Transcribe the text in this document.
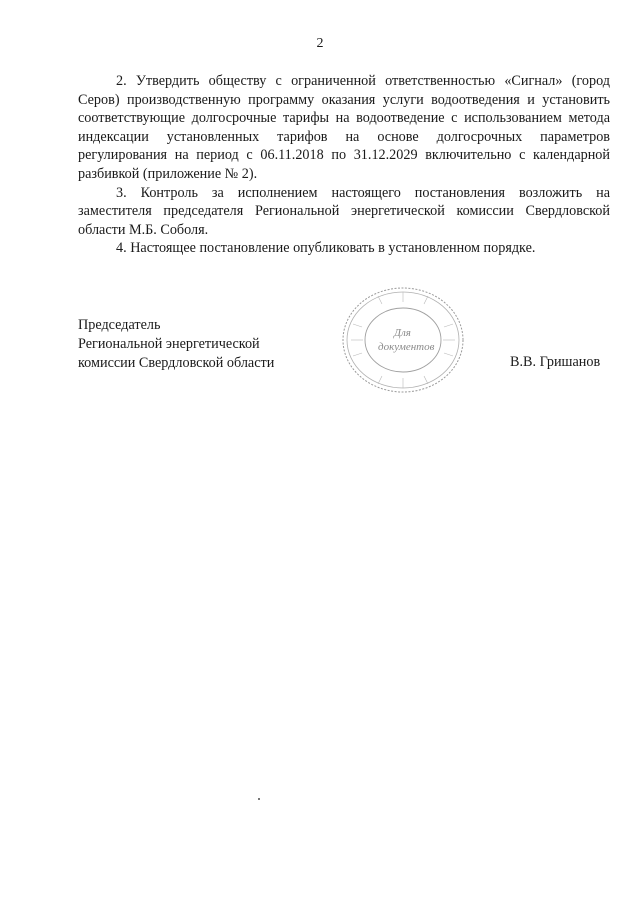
2

2. Утвердить обществу с ограниченной ответственностью «Сигнал» (город Серов) производственную программу оказания услуги водоотведения и установить соответствующие долгосрочные тарифы на водоотведение с использованием метода индексации установленных тарифов на основе долгосрочных параметров регулирования на период с 06.11.2018 по 31.12.2029 включительно с календарной разбивкой (приложение № 2).

3. Контроль за исполнением настоящего постановления возложить на заместителя председателя Региональной энергетической комиссии Свердловской области М.Б. Соболя.

4. Настоящее постановление опубликовать в установленном порядке.

Председатель
Региональной энергетической
комиссии Свердловской области	В.В. Гришанов
Для
документов
